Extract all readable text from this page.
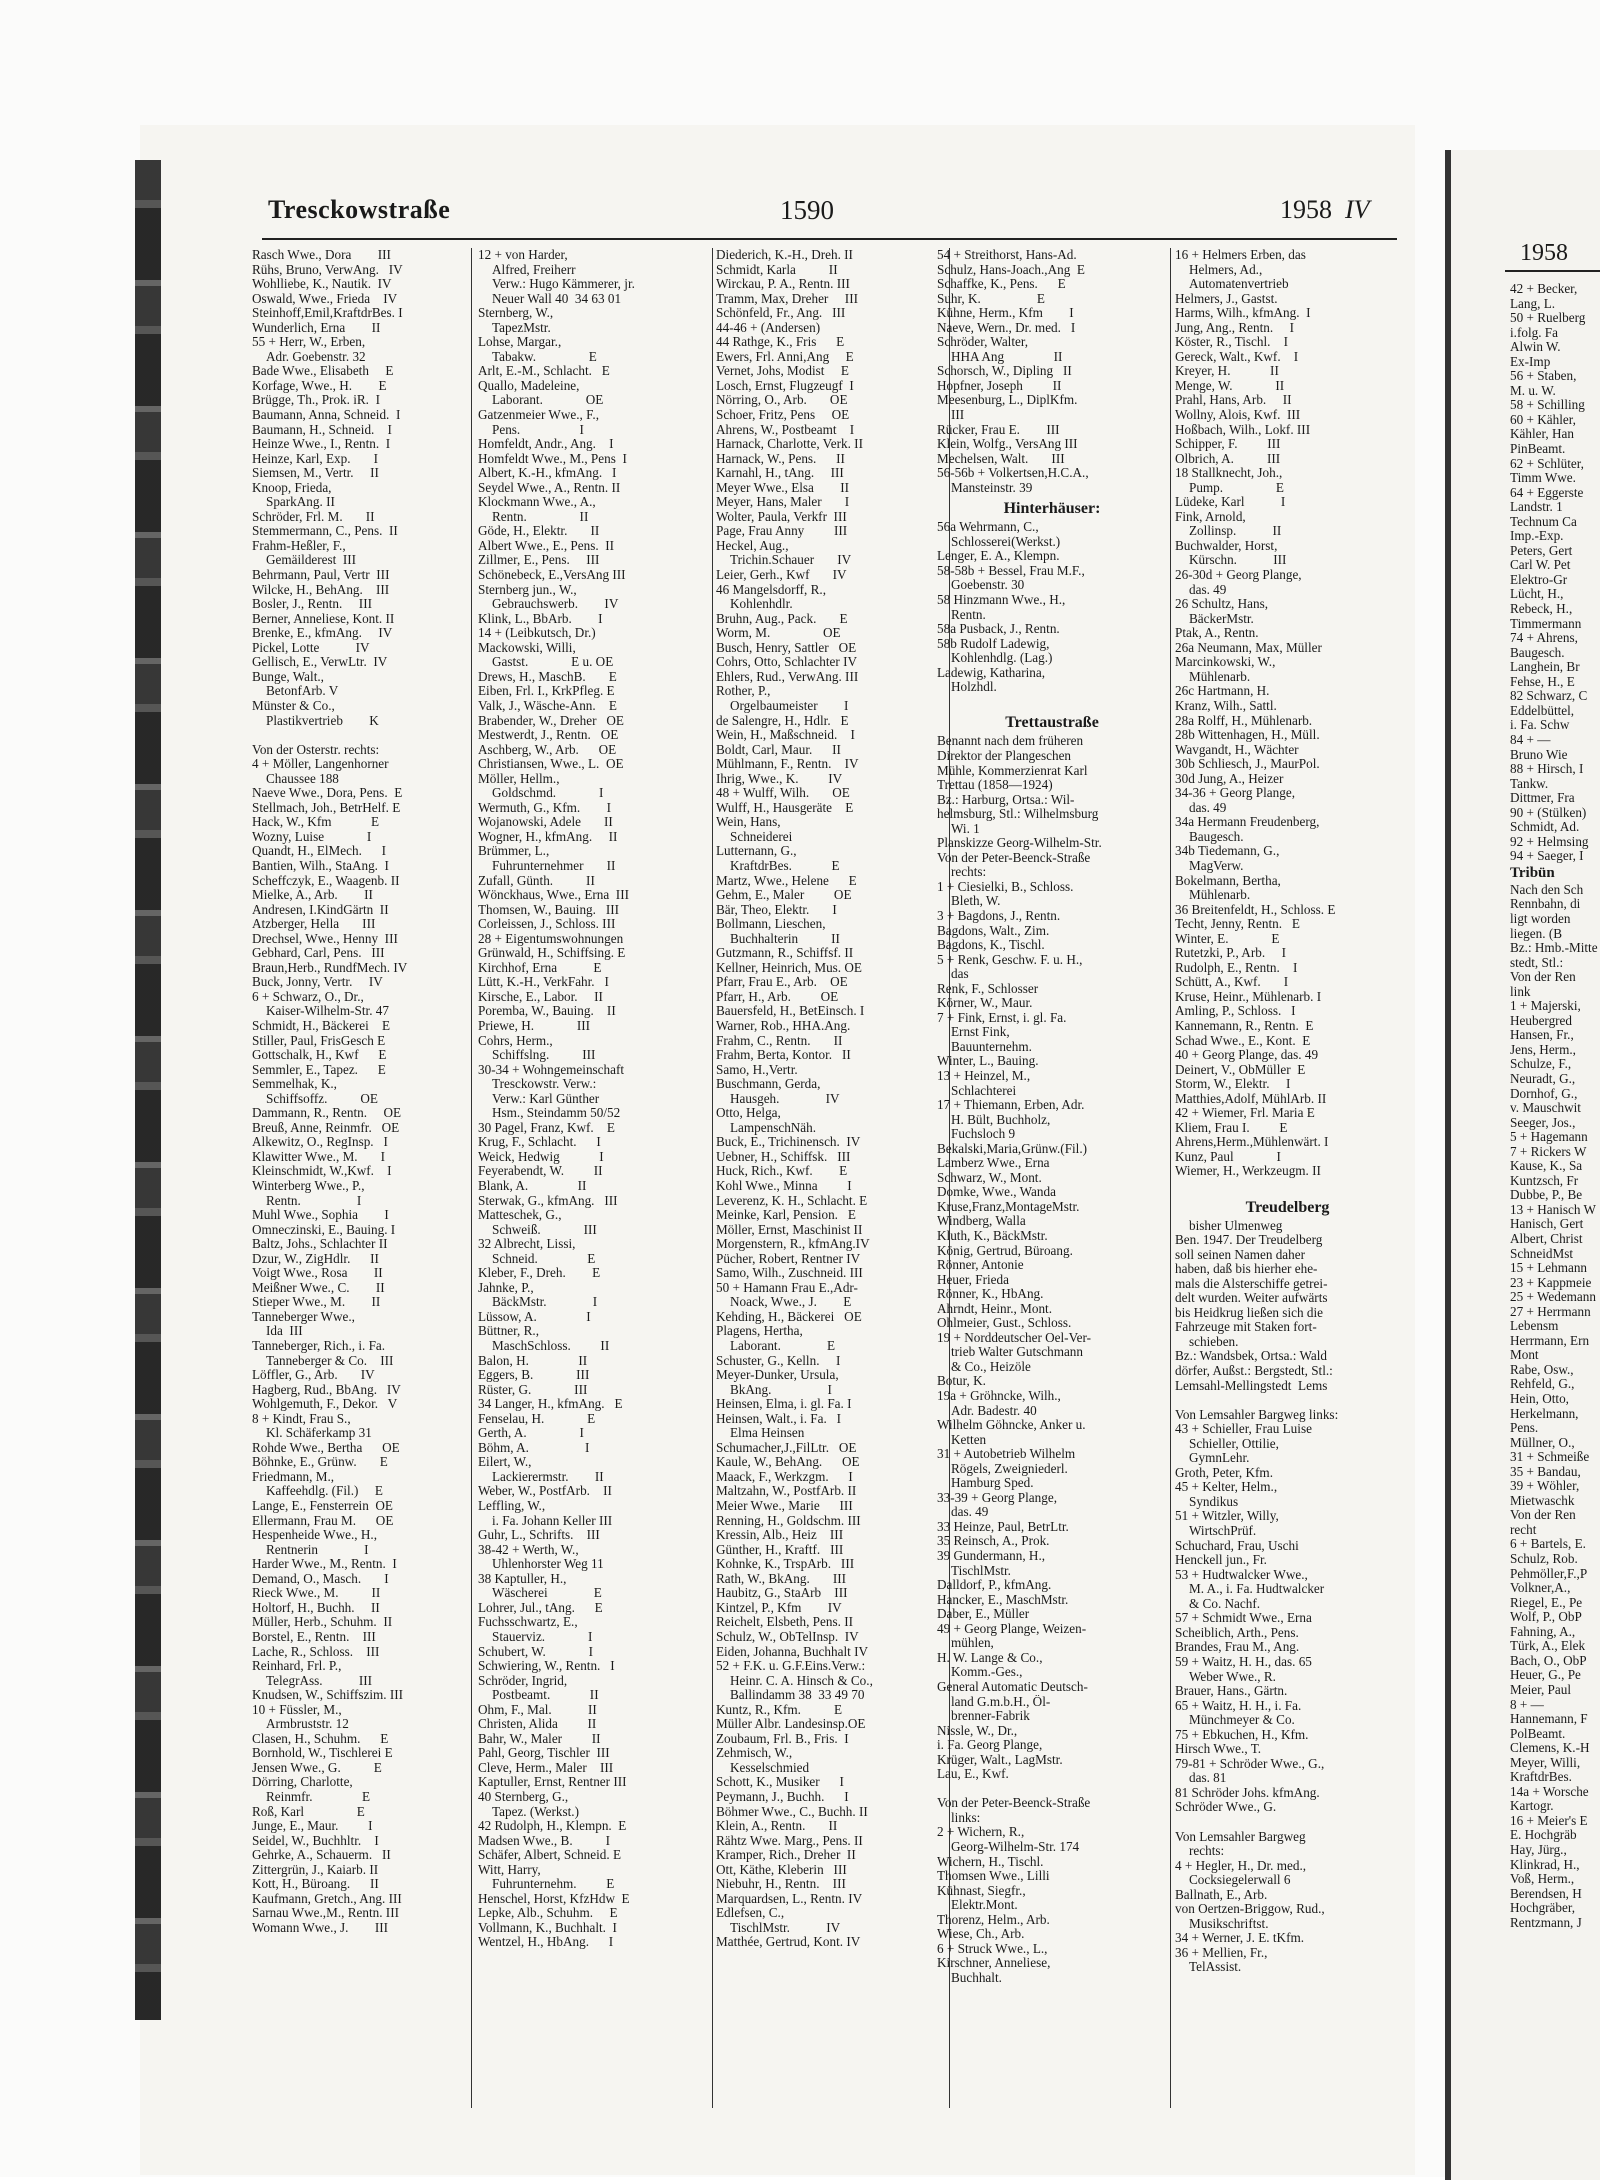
Tresckowstraße	1590	1958 IV
Rasch Wwe., Dora        III
Rühs, Bruno, VerwAng.   IV
Wohlliebe, K., Nautik.  IV
Oswald, Wwe., Frieda    IV
Steinhoff,Emil,KraftdrBes. I
Wunderlich, Erna        II
55 + Herr, W., Erben,
Adr. Goebenstr. 32
Bade Wwe., Elisabeth     E
Korfage, Wwe., H.        E
Brügge, Th., Prok. iR.  I
Baumann, Anna, Schneid.  I
Baumann, H., Schneid.    I
Heinze Wwe., I., Rentn.  I
Heinze, Karl, Exp.       I
Siemsen, M., Vertr.     II
Knoop, Frieda,
SparkAng. II
Schröder, Frl. M.       II
Stemmermann, C., Pens.  II
Frahm-Heßler, F.,
Gemäilderest  III
Behrmann, Paul, Vertr  III
Wilcke, H., BehAng.    III
Bosler, J., Rentn.     III
Berner, Anneliese, Kont. II
Brenke, E., kfmAng.     IV
Pickel, Lotte           IV
Gellisch, E., VerwLtr.  IV
Bunge, Walt.,
BetonfArb. V
Münster & Co.,
Plastikvertrieb        K

Von der Osterstr. rechts:
4 + Möller, Langenhorner
Chaussee 188
Naeve Wwe., Dora, Pens.  E
Stellmach, Joh., BetrHelf. E
Hack, W., Kfm            E
Wozny, Luise             I
Quandt, H., ElMech.      I
Bantien, Wilh., StaAng.  I
Scheffczyk, E., Waagenb. II
Mielke, A., Arb.        II
Andresen, I.KindGärtn  II
Atzberger, Hella       III
Drechsel, Wwe., Henny  III
Gebhard, Carl, Pens.   III
Braun,Herb., RundfMech. IV
Buck, Jonny, Vertr.     IV
6 + Schwarz, O., Dr.,
Kaiser-Wilhelm-Str. 47
Schmidt, H., Bäckerei    E
Stiller, Paul, FrisGesch E
Gottschalk, H., Kwf      E
Semmler, E., Tapez.      E
Semmelhak, K.,
Schiffsoffz.          OE
Dammann, R., Rentn.     OE
Breuß, Anne, Reinmfr.   OE
Alkewitz, O., RegInsp.   I
Klawitter Wwe., M.       I
Kleinschmidt, W.,Kwf.    I
Winterberg Wwe., P.,
Rentn.                 I
Muhl Wwe., Sophia        I
Omneczinski, E., Bauing. I
Baltz, Johs., Schlachter II
Dzur, W., ZigHdlr.      II
Voigt Wwe., Rosa        II
Meißner Wwe., C.        II
Stieper Wwe., M.        II
Tanneberger Wwe.,
Ida  III
Tanneberger, Rich., i. Fa.
Tanneberger & Co.    III
Löffler, G., Arb.       IV
Hagberg, Rud., BbAng.   IV
Wohlgemuth, F., Dekor.   V
8 + Kindt, Frau S.,
Kl. Schäferkamp 31
Rohde Wwe., Bertha      OE
Böhnke, E., Grünw.       E
Friedmann, M.,
Kaffeehdlg. (Fil.)     E
Lange, E., Fensterrein  OE
Ellermann, Frau M.      OE
Hespenheide Wwe., H.,
Rentnerin              I
Harder Wwe., M., Rentn.  I
Demand, O., Masch.       I
Rieck Wwe., M.          II
Holtorf, H., Buchh.     II
Müller, Herb., Schuhm.  II
Borstel, E., Rentn.    III
Lache, R., Schloss.    III
Reinhard, Frl. P.,
TelegrAss.           III
Knudsen, W., Schiffszim. III
10 + Füssler, M.,
Armbruststr. 12
Clasen, H., Schuhm.      E
Bornhold, W., Tischlerei E
Jensen Wwe., G.          E
Dörring, Charlotte,
Reinmfr.               E
Roß, Karl                E
Junge, E., Maur.         I
Seidel, W., Buchhltr.    I
Gehrke, A., Schauerm.   II
Zittergrün, J., Kaiarb. II
Kott, H., Büroang.      II
Kaufmann, Gretch., Ang. III
Sarnau Wwe.,M., Rentn. III
Womann Wwe., J.        III
12 + von Harder,
Alfred, Freiherr
Verw.: Hugo Kämmerer, jr.
Neuer Wall 40  34 63 01
Sternberg, W.,
TapezMstr.
Lohse, Margar.,
Tabakw.                E
Arlt, E.-M., Schlacht.   E
Quallo, Madeleine,
Laborant.             OE
Gatzenmeier Wwe., F.,
Pens.                  I
Homfeldt, Andr., Ang.    I
Homfeldt Wwe., M., Pens  I
Albert, K.-H., kfmAng.   I
Seydel Wwe., A., Rentn. II
Klockmann Wwe., A.,
Rentn.                II
Göde, H., Elektr.       II
Albert Wwe., E., Pens.  II
Zillmer, E., Pens.     III
Schönebeck, E.,VersAng III
Sternberg jun., W.,
Gebrauchswerb.        IV
Klink, L., BbArb.        I
14 + (Leibkutsch, Dr.)
Mackowski, Willi,
Gastst.             E u. OE
Drews, H., MaschB.       E
Eiben, Frl. I., KrkPfleg. E
Valk, J., Wäsche-Ann.    E
Brabender, W., Dreher   OE
Mestwerdt, J., Rentn.   OE
Aschberg, W., Arb.      OE
Christiansen, Wwe., L.  OE
Möller, Hellm.,
Goldschmd.             I
Wermuth, G., Kfm.        I
Wojanowski, Adele       II
Wogner, H., kfmAng.     II
Brümmer, L.,
Fuhrunternehmer       II
Zufall, Günth.          II
Wönckhaus, Wwe., Erna  III
Thomsen, W., Bauing.   III
Corleissen, J., Schloss. III
28 + Eigentumswohnungen
Grünwald, H., Schiffsing. E
Kirchhof, Erna           E
Lütt, K.-H., VerkFahr.   I
Kirsche, E., Labor.     II
Poremba, W., Bauing.    II
Priewe, H.             III
Cohrs, Herm.,
Schiffslng.          III
30-34 + Wohngemeinschaft
Tresckowstr. Verw.:
Verw.: Karl Günther
Hsm., Steindamm 50/52
30 Pagel, Franz, Kwf.    E
Krug, F., Schlacht.      I
Weick, Hedwig            I
Feyerabendt, W.         II
Blank, A.               II
Sterwak, G., kfmAng.   III
Matteschek, G.,
Schweiß.             III
32 Albrecht, Lissi,
Schneid.               E
Kleber, F., Dreh.        E
Jahnke, P.,
BäckMstr.              I
Lüssow, A.               I
Büttner, R.,
MaschSchloss.         II
Balon, H.               II
Eggers, B.             III
Rüster, G.             III
34 Langer, H., kfmAng.   E
Fenselau, H.             E
Gerth, A.                I
Böhm, A.                 I
Eilert, W.,
Lackierermstr.        II
Weber, W., PostfArb.    II
Leffling, W.,
i. Fa. Johann Keller III
Guhr, L., Schrifts.    III
38-42 + Werth, W.,
Uhlenhorster Weg 11
38 Kaptuller, H.,
Wäscherei              E
Lohrer, Jul., tAng.      E
Fuchsschwartz, E.,
Stauerviz.             I
Schubert, W.             I
Schwiering, W., Rentn.   I
Schröder, Ingrid,
Postbeamt.            II
Ohm, F., Mal.           II
Christen, Alida         II
Bahr, W., Maler         II
Pahl, Georg, Tischler  III
Cleve, Herm., Maler    III
Kaptuller, Ernst, Rentner III
40 Sternberg, G.,
Tapez. (Werkst.)
42 Rudolph, H., Klempn.  E
Madsen Wwe., B.          I
Schäfer, Albert, Schneid. E
Witt, Harry,
Fuhrunternehm.         E
Henschel, Horst, KfzHdw  E
Lepke, Alb., Schuhm.     E
Vollmann, K., Buchhalt.  I
Wentzel, H., HbAng.      I
Diederich, K.-H., Dreh. II
Schmidt, Karla          II
Wirckau, P. A., Rentn. III
Tramm, Max, Dreher     III
Schönfeld, Fr., Ang.   III
44-46 + (Andersen)
44 Rathge, K., Fris      E
Ewers, Frl. Anni,Ang     E
Vernet, Johs, Modist     E
Losch, Ernst, Flugzeugf  I
Nörring, O., Arb.       OE
Schoer, Fritz, Pens     OE
Ahrens, W., Postbeamt    I
Harnack, Charlotte, Verk. II
Harnack, W., Pens.      II
Karnahl, H., tAng.     III
Meyer Wwe., Elsa        II
Meyer, Hans, Maler       I
Wolter, Paula, Verkfr  III
Page, Frau Anny         III
Heckel, Aug.,
Trichin.Schauer       IV
Leier, Gerh., Kwf       IV
46 Mangelsdorff, R.,
Kohlenhdlr.
Bruhn, Aug., Pack.       E
Worm, M.                OE
Busch, Henry, Sattler   OE
Cohrs, Otto, Schlachter IV
Ehlers, Rud., VerwAng. III
Rother, P.,
Orgelbaumeister        I
de Salengre, H., Hdlr.   E
Wein, H., Maßschneid.    I
Boldt, Carl, Maur.      II
Mühlmann, F., Rentn.    IV
Ihrig, Wwe., K.         IV
48 + Wulff, Wilh.       OE
Wulff, H., Hausgeräte    E
Wein, Hans,
Schneiderei
Lutternann, G.,
KraftdrBes.            E
Martz, Wwe., Helene      E
Gehm, E., Maler         OE
Bär, Theo, Elektr.       I
Bollmann, Lieschen,
Buchhalterin          II
Gutzmann, R., Schiffsf. II
Kellner, Heinrich, Mus. OE
Pfarr, Frau E., Arb.    OE
Pfarr, H., Arb.         OE
Bauersfeld, H., BetEinsch. I
Warner, Rob., HHA.Ang.
Frahm, C., Rentn.       II
Frahm, Berta, Kontor.   II
Samo, H.,Vertr.
Buschmann, Gerda,
Hausgeh.              IV
Otto, Helga,
LampenschNäh.
Buck, E., Trichinensch.  IV
Uebner, H., Schiffsk.   III
Huck, Rich., Kwf.        E
Kohl Wwe., Minna         I
Leverenz, K. H., Schlacht. E
Meinke, Karl, Pension.   E
Möller, Ernst, Maschinist II
Morgenstern, R., kfmAng.IV
Pücher, Robert, Rentner IV
Samo, Wilh., Zuschneid. III
50 + Hamann Frau E.,Adr-
Noack, Wwe., J.        E
Kehding, H., Bäckerei   OE
Plagens, Hertha,
Laborant.              E
Schuster, G., Kelln.     I
Meyer-Dunker, Ursula,
BkAng.                 I
Heinsen, Elma, i. gl. Fa. I
Heinsen, Walt., i. Fa.   I
Elma Heinsen
Schumacher,J.,FilLtr.   OE
Kaule, W., BehAng.      OE
Maack, F., Werkzgm.      I
Maltzahn, W., PostfArb. II
Meier Wwe., Marie      III
Renning, H., Goldschm. III
Kressin, Alb., Heiz    III
Günther, H., Kraftf.   III
Kohnke, K., TrspArb.   III
Rath, W., BkAng.       III
Haubitz, G., StaArb    III
Kintzel, P., Kfm        IV
Reichelt, Elsbeth, Pens. II
Schulz, W., ObTelInsp.  IV
Eiden, Johanna, Buchhalt IV
52 + F.K. u. G.F.Eins.Verw.:
Heinr. C. A. Hinsch & Co.,
Ballindamm 38  33 49 70
Kuntz, R., Kfm.          E
Müller Albr. Landesinsp.OE
Zoubaum, Frl. B., Fris.  I
Zehmisch, W.,
Kesselschmied
Schott, K., Musiker      I
Peymann, J., Buchh.      I
Böhmer Wwe., C., Buchh. II
Klein, A., Rentn.       II
Rähtz Wwe. Marg., Pens. II
Kramper, Rich., Dreher  II
Ott, Käthe, Kleberin   III
Niebuhr, H., Rentn.    III
Marquardsen, L., Rentn. IV
Edlefsen, C.,
TischlMstr.           IV
Matthée, Gertrud, Kont. IV
54 + Streithorst, Hans-Ad.
Schulz, Hans-Joach.,Ang  E
Schaffke, K., Pens.      E
Suhr, K.                 E
Kühne, Herm., Kfm        I
Naeve, Wern., Dr. med.   I
Schröder, Walter,
HHA Ang               II
Schorsch, W., Dipling   II
Hopfner, Joseph         II
Meesenburg, L., DiplKfm.
III
Rücker, Frau E.        III
Klein, Wolfg., VersAng III
Mechelsen, Walt.       III
56-56b + Volkertsen,H.C.A.,
Mansteinstr. 39
Hinterhäuser:
56a Wehrmann, C.,
Schlosserei(Werkst.)
Lenger, E. A., Klempn.
58-58b + Bessel, Frau M.F.,
Goebenstr. 30
58 Hinzmann Wwe., H.,
Rentn.
58a Pusback, J., Rentn.
58b Rudolf Ladewig,
Kohlenhdlg. (Lag.)
Ladewig, Katharina,
Holzhdl.

Trettaustraße
Benannt nach dem früheren
Direktor der Plangeschen
Mühle, Kommerzienrat Karl
Trettau (1858—1924)
Bz.: Harburg, Ortsa.: Wil-
helmsburg, Stl.: Wilhelmsburg
Wi. 1
Planskizze Georg-Wilhelm-Str.
Von der Peter-Beenck-Straße
rechts:
1 + Ciesielki, B., Schloss.
Bleth, W.
3 + Bagdons, J., Rentn.
Bagdons, Walt., Zim.
Bagdons, K., Tischl.
5 + Renk, Geschw. F. u. H.,
das
Renk, F., Schlosser
Körner, W., Maur.
7 + Fink, Ernst, i. gl. Fa.
Ernst Fink,
Bauunternehm.
Winter, L., Bauing.
13 + Heinzel, M.,
Schlachterei
17 + Thiemann, Erben, Adr.
H. Bült, Buchholz,
Fuchsloch 9
Bekalski,Maria,Grünw.(Fil.)
Lamberz Wwe., Erna
Schwarz, W., Mont.
Domke, Wwe., Wanda
Kruse,Franz,MontageMstr.
Windberg, Walla
Kluth, K., BäckMstr.
König, Gertrud, Büroang.
Rönner, Antonie
Heuer, Frieda
Rönner, K., HbAng.
Ahrndt, Heinr., Mont.
Ohlmeier, Gust., Schloss.
19 + Norddeutscher Oel-Ver-
trieb Walter Gutschmann
& Co., Heizöle
Botur, K.
19a + Gröhncke, Wilh.,
Adr. Badestr. 40
Wilhelm Göhncke, Anker u.
Ketten
31 + Autobetrieb Wilhelm
Rögels, Zweigniederl.
Hamburg Sped.
33-39 + Georg Plange,
das. 49
33 Heinze, Paul, BetrLtr.
35 Reinsch, A., Prok.
39 Gundermann, H.,
TischlMstr.
Dalldorf, P., kfmAng.
Hancker, E., MaschMstr.
Daber, E., Müller
49 + Georg Plange, Weizen-
mühlen,
H. W. Lange & Co.,
Komm.-Ges.,
General Automatic Deutsch-
land G.m.b.H., Öl-
brenner-Fabrik
Nissle, W., Dr.,
i. Fa. Georg Plange,
Krüger, Walt., LagMstr.
Lau, E., Kwf.

Von der Peter-Beenck-Straße
links:
2 + Wichern, R.,
Georg-Wilhelm-Str. 174
Wichern, H., Tischl.
Thomsen Wwe., Lilli
Kühnast, Siegfr.,
Elektr.Mont.
Thorenz, Helm., Arb.
Wiese, Ch., Arb.
6 + Struck Wwe., L.,
Kirschner, Anneliese,
Buchhalt.
16 + Helmers Erben, das
Helmers, Ad.,
Automatenvertrieb
Helmers, J., Gastst.
Harms, Wilh., kfmAng.  I
Jung, Ang., Rentn.     I
Köster, R., Tischl.    I
Gereck, Walt., Kwf.    I
Kreyer, H.            II
Menge, W.             II
Prahl, Hans, Arb.     II
Wollny, Alois, Kwf.  III
Hoßbach, Wilh., Lokf. III
Schipper, F.         III
Olbrich, A.          III
18 Stallknecht, Joh.,
Pump.                E
Lüdeke, Karl           I
Fink, Arnold,
Zollinsp.           II
Buchwalder, Horst,
Kürschn.           III
26-30d + Georg Plange,
das. 49
26 Schultz, Hans,
BäckerMstr.
Ptak, A., Rentn.
26a Neumann, Max, Müller
Marcinkowski, W.,
Mühlenarb.
26c Hartmann, H.
Kranz, Wilh., Sattl.
28a Rolff, H., Mühlenarb.
28b Wittenhagen, H., Müll.
Wavgandt, H., Wächter
30b Schliesch, J., MaurPol.
30d Jung, A., Heizer
34-36 + Georg Plange,
das. 49
34a Hermann Freudenberg,
Baugesch.
34b Tiedemann, G.,
MagVerw.
Bokelmann, Bertha,
Mühlenarb.
36 Breitenfeldt, H., Schloss. E
Techt, Jenny, Rentn.   E
Winter, E.             E
Rutetzki, P., Arb.     I
Rudolph, E., Rentn.    I
Schütt, A., Kwf.       I
Kruse, Heinr., Mühlenarb. I
Amling, P., Schloss.   I
Kannemann, R., Rentn.  E
Schad Wwe., E., Kont.  E
40 + Georg Plange, das. 49
Deinert, V., ObMüller  E
Storm, W., Elektr.     I
Matthies,Adolf, MühlArb. II
42 + Wiemer, Frl. Maria E
Kliem, Frau I.         E
Ahrens,Herm.,Mühlenwärt. I
Kunz, Paul             I
Wiemer, H., Werkzeugm. II

Treudelberg
bisher Ulmenweg
Ben. 1947. Der Treudelberg
soll seinen Namen daher
haben, daß bis hierher ehe-
mals die Alsterschiffe getrei-
delt wurden. Weiter aufwärts
bis Heidkrug ließen sich die
Fahrzeuge mit Staken fort-
schieben.
Bz.: Wandsbek, Ortsa.: Wald
dörfer, Außst.: Bergstedt, Stl.:
Lemsahl-Mellingstedt  Lems

Von Lemsahler Bargweg links:
43 + Schieller, Frau Luise
Schieller, Ottilie,
GymnLehr.
Groth, Peter, Kfm.
45 + Kelter, Helm.,
Syndikus
51 + Witzler, Willy,
WirtschPrüf.
Schuchard, Frau, Uschi
Henckell jun., Fr.
53 + Hudtwalcker Wwe.,
M. A., i. Fa. Hudtwalcker
& Co. Nachf.
57 + Schmidt Wwe., Erna
Scheiblich, Arth., Pens.
Brandes, Frau M., Ang.
59 + Waitz, H. H., das. 65
Weber Wwe., R.
Brauer, Hans., Gärtn.
65 + Waitz, H. H., i. Fa.
Münchmeyer & Co.
75 + Ebkuchen, H., Kfm.
Hirsch Wwe., T.
79-81 + Schröder Wwe., G.,
das. 81
81 Schröder Johs. kfmAng.
Schröder Wwe., G.

Von Lemsahler Bargweg
rechts:
4 + Hegler, H., Dr. med.,
Cocksiegelerwall 6
Ballnath, E., Arb.
von Oertzen-Briggow, Rud.,
Musikschriftst.
34 + Werner, J. E. tKfm.
36 + Mellien, Fr.,
TelAssist.
1958
42 + Becker,
Lang, L.
50 + Ruelberg
i.folg. Fa
Alwin W.
Ex-Imp
56 + Staben,
M. u. W.
58 + Schilling
60 + Kähler,
Kähler, Han
PinBeamt.
62 + Schlüter,
Timm Wwe.
64 + Eggerste
Landstr. 1
Technum Ca
Imp.-Exp.
Peters, Gert
Carl W. Pet
Elektro-Gr
Lücht, H.,
Rebeck, H.,
Timmermann
74 + Ahrens,
Baugesch.
Langhein, Br
Fehse, H., E
82 Schwarz, C
Eddelbüttel,
i. Fa. Schw
84 + —
Bruno Wie
88 + Hirsch, I
Tankw.
Dittmer, Fra
90 + (Stülken)
Schmidt, Ad.
92 + Helmsing
94 + Saeger, I
Tribün
Nach den Sch
Rennbahn, di
ligt worden
liegen. (B
Bz.: Hmb.-Mitte
stedt, Stl.:
Von der Ren
link
1 + Majerski,
Heubergred
Hansen, Fr.,
Jens, Herm.,
Schulze, F.,
Neuradt, G.,
Dornhof, G.,
v. Mauschwit
Seeger, Jos.,
5 + Hagemann
7 + Rickers W
Kause, K., Sa
Kuntzsch, Fr
Dubbe, P., Be
13 + Hanisch W
Hanisch, Gert
Albert, Christ
SchneidMst
15 + Lehmann
23 + Kappmeie
25 + Wedemann
27 + Herrmann
Lebensm
Herrmann, Ern
Mont
Rabe, Osw.,
Rehfeld, G.,
Hein, Otto,
Herkelmann,
Pens.
Müllner, O.,
31 + Schmeiße
35 + Bandau,
39 + Wöhler,
Mietwaschk
Von der Ren
recht
6 + Bartels, E.
Schulz, Rob.
Pehmöller,F.,P
Volkner,A.,
Riegel, E., Pe
Wolf, P., ObP
Fahning, A.,
Türk, A., Elek
Bach, O., ObP
Heuer, G., Pe
Meier, Paul
8 + —
Hannemann, F
PolBeamt.
Clemens, K.-H
Meyer, Willi,
KraftdrBes.
14a + Worsche
Kartogr.
16 + Meier's E
E. Hochgräb
Hay, Jürg.,
Klinkrad, H.,
Voß, Herm.,
Berendsen, H
Hochgräber,
Rentzmann, J
